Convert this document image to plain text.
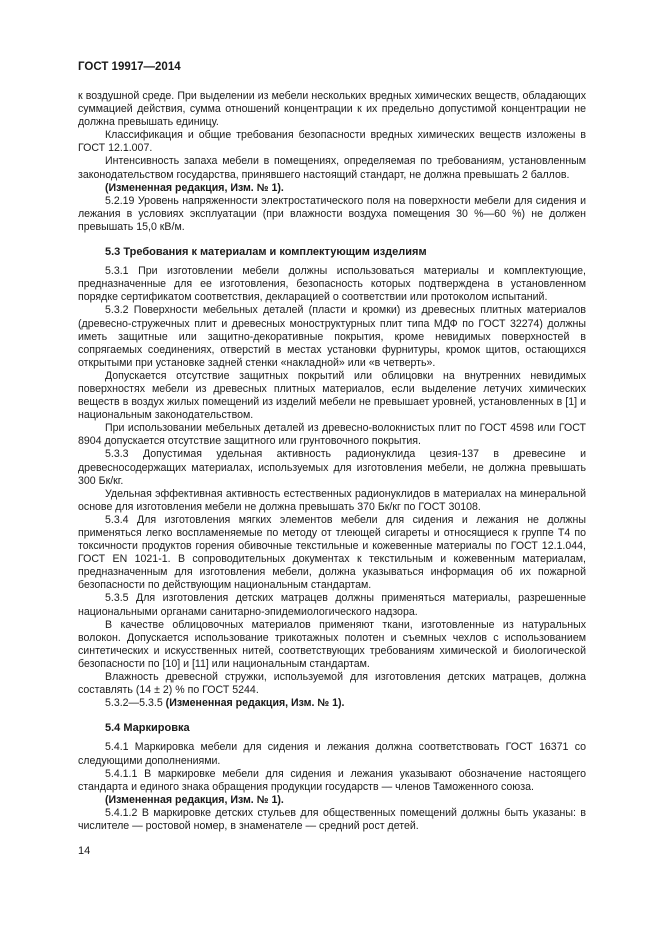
ГОСТ 19917—2014

к воздушной среде. При выделении из мебели нескольких вредных химических веществ, обладающих суммацией действия, сумма отношений концентрации к их предельно допустимой концентрации не должна превышать единицу.

Классификация и общие требования безопасности вредных химических веществ изложены в ГОСТ 12.1.007.

Интенсивность запаха мебели в помещениях, определяемая по требованиям, установленным законодательством государства, принявшего настоящий стандарт, не должна превышать 2 баллов.

(Измененная редакция, Изм. № 1).

5.2.19 Уровень напряженности электростатического поля на поверхности мебели для сидения и лежания в условиях эксплуатации (при влажности воздуха помещения 30 %—60 %) не должен превышать 15,0 кВ/м.

5.3 Требования к материалам и комплектующим изделиям

5.3.1 При изготовлении мебели должны использоваться материалы и комплектующие, предназначенные для ее изготовления, безопасность которых подтверждена в установленном порядке сертификатом соответствия, декларацией о соответствии или протоколом испытаний.

5.3.2 Поверхности мебельных деталей (пласти и кромки) из древесных плитных материалов (древесно-стружечных плит и древесных моноструктурных плит типа МДФ по ГОСТ 32274) должны иметь защитные или защитно-декоративные покрытия, кроме невидимых поверхностей в сопрягаемых соединениях, отверстий в местах установки фурнитуры, кромок щитов, остающихся открытыми при установке задней стенки «накладной» или «в четверть».

Допускается отсутствие защитных покрытий или облицовки на внутренних невидимых поверхностях мебели из древесных плитных материалов, если выделение летучих химических веществ в воздух жилых помещений из изделий мебели не превышает уровней, установленных в [1] и национальным законодательством.

При использовании мебельных деталей из древесно-волокнистых плит по ГОСТ 4598 или ГОСТ 8904 допускается отсутствие защитного или грунтовочного покрытия.

5.3.3 Допустимая удельная активность радионуклида цезия-137 в древесине и древесносодержащих материалах, используемых для изготовления мебели, не должна превышать 300 Бк/кг.

Удельная эффективная активность естественных радионуклидов в материалах на минеральной основе для изготовления мебели не должна превышать 370 Бк/кг по ГОСТ 30108.

5.3.4 Для изготовления мягких элементов мебели для сидения и лежания не должны применяться легко воспламеняемые по методу от тлеющей сигареты и относящиеся к группе Т4 по токсичности продуктов горения обивочные текстильные и кожевенные материалы по ГОСТ 12.1.044, ГОСТ EN 1021-1. В сопроводительных документах к текстильным и кожевенным материалам, предназначенным для изготовления мебели, должна указываться информация об их пожарной безопасности по действующим национальным стандартам.

5.3.5 Для изготовления детских матрацев должны применяться материалы, разрешенные национальными органами санитарно-эпидемиологического надзора.

В качестве облицовочных материалов применяют ткани, изготовленные из натуральных волокон. Допускается использование трикотажных полотен и съемных чехлов с использованием синтетических и искусственных нитей, соответствующих требованиям химической и биологической безопасности по [10] и [11] или национальным стандартам.

Влажность древесной стружки, используемой для изготовления детских матрацев, должна составлять (14 ± 2) % по ГОСТ 5244.

5.3.2—5.3.5 (Измененная редакция, Изм. № 1).

5.4 Маркировка

5.4.1 Маркировка мебели для сидения и лежания должна соответствовать ГОСТ 16371 со следующими дополнениями.

5.4.1.1 В маркировке мебели для сидения и лежания указывают обозначение настоящего стандарта и единого знака обращения продукции государств — членов Таможенного союза.

(Измененная редакция, Изм. № 1).

5.4.1.2 В маркировке детских стульев для общественных помещений должны быть указаны: в числителе — ростовой номер, в знаменателе — средний рост детей.

14
